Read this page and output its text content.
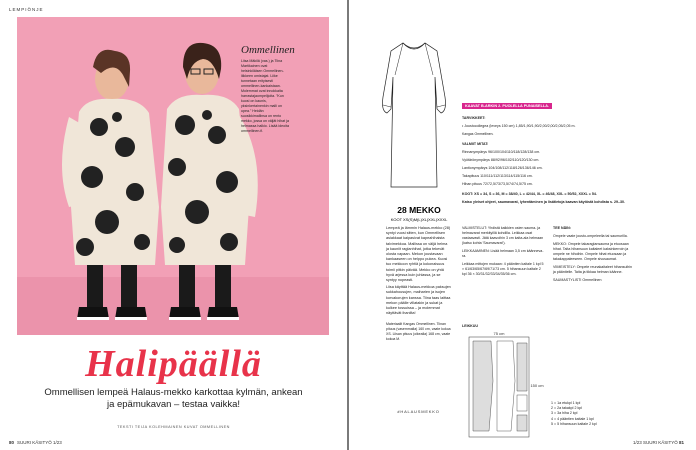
LEMPIÖNJE

Ommellinen

Liisa Mäkilä (vas.) ja Tiina Martikainen ovat helsinkiläisen Ommellinen-liikkeen omistajat. Liike tunnetaan erityisesti ommellinen-kankaistaan. Molemmat ovat innokkaita harrastajaompelijoita. "Kun kuosi on kaunis, yksinkertainenkin malli on upea." Heidän suosikkimallinsa on rento mekko, jossa on väljät hihat ja helmassa halkio. Lisää ideoita ommellinen.fi.

Halipäällä
Ommellisen lempeä Halaus-mekko karkottaa kylmän, ankean ja epämukavan – testaa vaikka!
TEKSTI TEIJA KOLEHMAINEN KUVAT OMMELLINEN
80 SUURI KÄSITYÖ 1/23

28 MEKKO

KOOT XS(S)M(L)XL(XXL)XXXL

Lempeä ja lämmin Halaus-mekko (28) syntyi vuosi sitten, kun Ommellisen asiakkaat kaipasivat kapeahihaista talvimekkoa. Mallissa on väljä helma ja kauniit raglanhihat, jotka tekevät olosta vapaan. Mekon joustavaan kankaaseen on helppo pukea. Kuosi tuo mekkoon ryhtiä ja kokonaisuus toimii pitkin päivää. Mekko on yhtä hyvä arjessa kuin juhlassa, ja se syntyy nopeasti.

Liisa käyttää Halaus-mekkoa paksujen sukkahousujen, maiharien ja isojen korvakorujen kanssa. Tiina taas laittaa mekon päälle villatakin ja sukat ja kulkee tossuissa – ja molemmat näyttävät ihanilta!

Materiaalit Kangas Ommellinen. Tiinan pituus (vasemmalla) 160 cm, vaate kokoa XS. Liisan pituus (oikealla) 168 cm, vaate kokoa M.

#HALAUSMEKKO
KAAVAT B-ARKIN 2. PUOLELLA PUNAISELLA.

TARVIKKEET:

• Joustocollegea (leveys 150 cm) 1,85/1,90/1,90/2,00/2,00/2,05/2,05 m.

Kangas Ommellinen.

VALMIIT MITAT:

Rinnanympärys 96/100/104/110/118/128/138 cm.

Vyötärönympärys 88/92/96/102/110/120/130 cm.

Lantionympärys 104/108/112/118/126/136/146 cm.

Takapituus 110/111/112/113/114/115/116 cm.

Hihan pituus 72/72,5/73/73,5/74/74,5/75 cm.

KOOT: XS = 34, S = 36, M = 38/40, L = 42/44, XL = 46/48, XXL = 50/52, XXXL = 54.

Katso yleiset ohjeet, saumavarat, lyhentäminen ja lisätietoja kaavan käytöstä kohdista s. 29–30.

VALMISTELUT: Yhdistä kaikkien osien sauma- ja helmavarat merkityillä kohdilla. Leikkaa osat vastaavasti. Jätä kaavoihin 3 cm kaita-ala helmaan (katso kohta 'Saumavarat').

LEIKKAAMINEN: Lisää helmaan 3,5 cm käännevara.

Leikkaa mittojen mukaan: 4 pääntien kaitale 1 kpl 5 × 61/63/65/67/69/71/73 cm. 5 hihansuun kaitale 2 kpl 36 × 30/31/32/33/34/35/36 cm.

TEE NÄIN:

Ompele vaate jousto-ompeleella tai saumurilla.

MEKKO: Ompele takaraglansauma ja etuosaan hihat. Taita hihansuun kaitaleet kaksinkerroin ja ompele ne hihoihin. Ompele hihat etuosaan ja takakappaleeseen. Ompele sivusaumat.

VIIMEISTELY: Ompele reunakaitaleet hihansuihin ja pääntielle. Taita ja tikkaa helman käänne.

SAUMASTYLISTI Ommellinen

LEIKKUU

75 cm
150 cm

1 = 1a etukpl 1 kpl

2 = 2a takakpl 2 kpl

3 = 3a hiha 2 kpl

4 = 4 pääntien kaitale 1 kpl

5 = 5 hihansuun kaitale 2 kpl

1/23 SUURI KÄSITYÖ 81
